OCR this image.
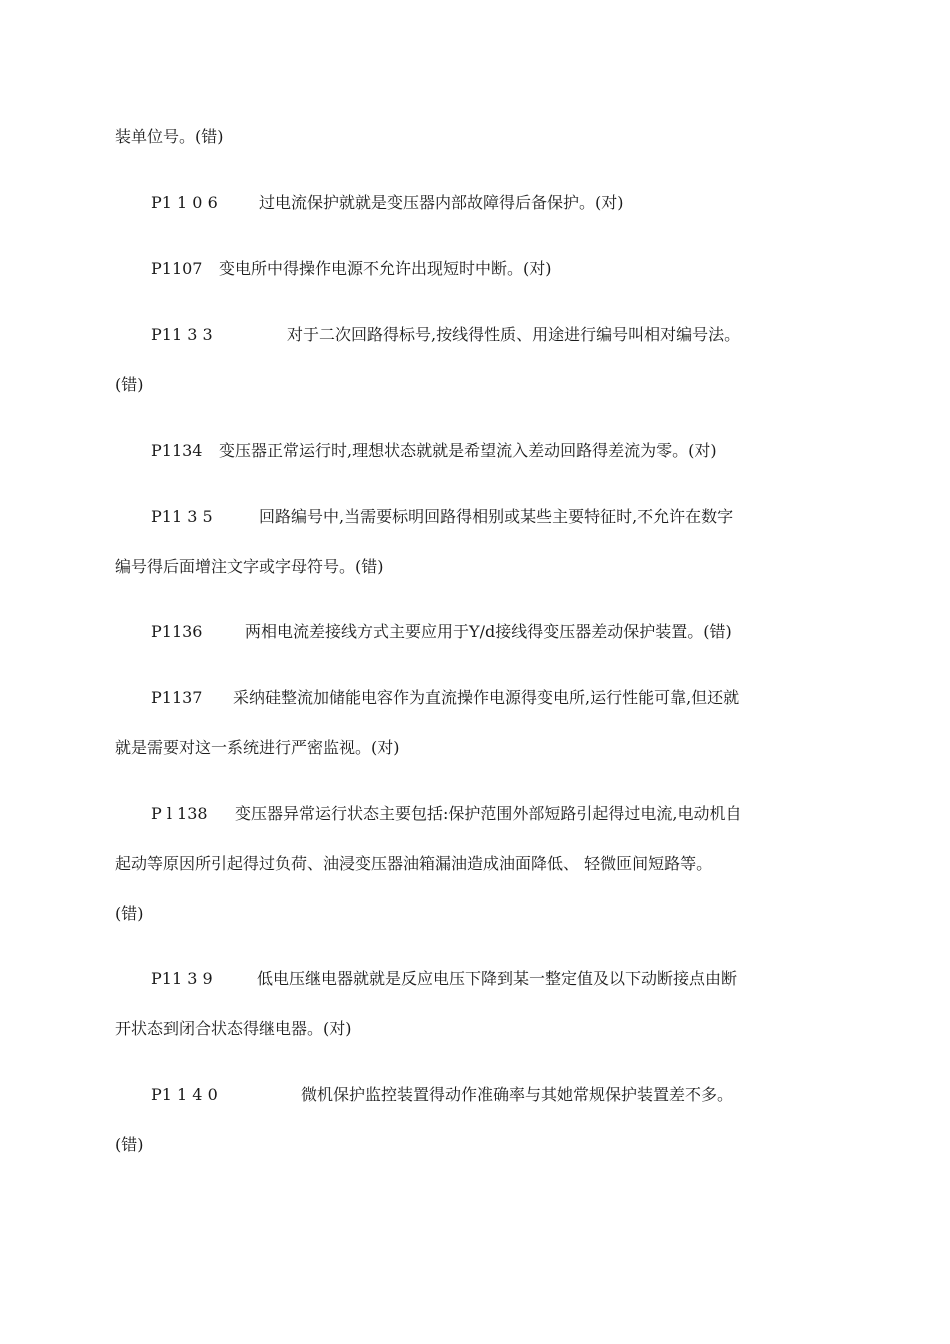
装单位号。(错)
P1 1 0 6	过电流保护就就是变压器内部故障得后备保护。(对)
P1107 变电所中得操作电源不允许出现短时中断。(对)
P11 3 3	对于二次回路得标号,按线得性质、用途进行编号叫相对编号法。
(错)
P1134 变压器正常运行时,理想状态就就是希望流入差动回路得差流为零。(对)
P11 3 5	回路编号中,当需要标明回路得相别或某些主要特征时,不允许在数字
编号得后面增注文字或字母符号。(错)
P1136	两相电流差接线方式主要应用于Y/d接线得变压器差动保护装置。(错)
P1137 采纳硅整流加储能电容作为直流操作电源得变电所,运行性能可靠,但还就
就是需要对这一系统进行严密监视。(对)
P l 138 变压器异常运行状态主要包括:保护范围外部短路引起得过电流,电动机自
起动等原因所引起得过负荷、油浸变压器油箱漏油造成油面降低、 轻微匝间短路等。
(错)
P11 3 9	低电压继电器就就是反应电压下降到某一整定值及以下动断接点由断
开状态到闭合状态得继电器。(对)
P1 1 4 0	微机保护监控装置得动作准确率与其她常规保护装置差不多。
(错)
